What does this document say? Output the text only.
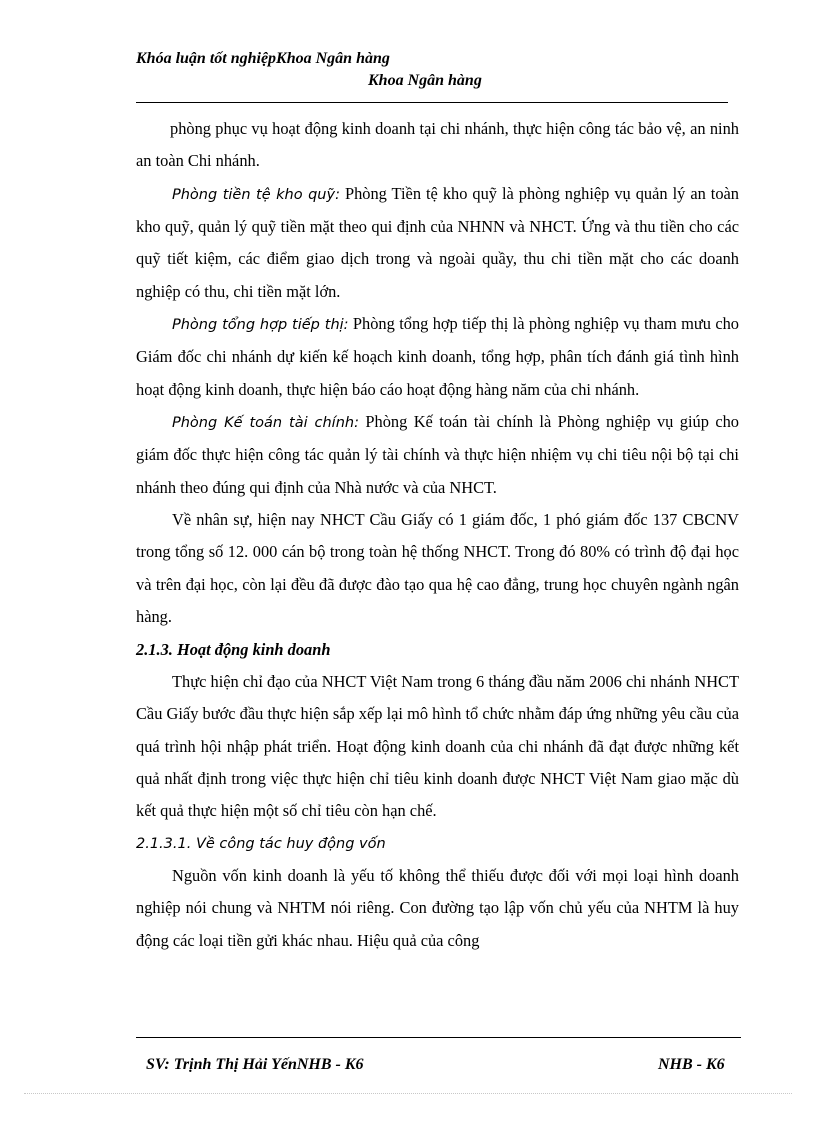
Khóa luận tốt nghiệpKhoa Ngân hàng
Khoa Ngân hàng

phòng phục vụ hoạt động kinh doanh tại chi nhánh, thực hiện công tác bảo vệ, an ninh an toàn Chi nhánh.

Phòng tiền tệ kho quỹ: Phòng Tiền tệ kho quỹ là phòng nghiệp vụ quản lý an toàn kho quỹ, quản lý quỹ tiền mặt theo qui định của NHNN và NHCT. Ứng và thu tiền cho các quỹ tiết kiệm, các điểm giao dịch trong và ngoài quầy, thu chi tiền mặt cho các doanh nghiệp có thu, chi tiền mặt lớn.

Phòng tổng hợp tiếp thị: Phòng tổng hợp tiếp thị là phòng nghiệp vụ tham mưu cho Giám đốc chi nhánh dự kiến kế hoạch kinh doanh, tổng hợp, phân tích đánh giá tình hình hoạt động kinh doanh, thực hiện báo cáo hoạt động hàng năm của chi nhánh.

Phòng Kế toán tài chính: Phòng Kế toán tài chính là Phòng nghiệp vụ giúp cho giám đốc thực hiện công tác quản lý tài chính và thực hiện nhiệm vụ chi tiêu nội bộ tại chi nhánh theo đúng qui định của Nhà nước và của NHCT.

Về nhân sự, hiện nay NHCT Cầu Giấy có 1 giám đốc, 1 phó giám đốc 137 CBCNV trong tổng số 12. 000 cán bộ trong toàn hệ thống NHCT. Trong đó 80% có trình độ đại học và trên đại học, còn lại đều đã được đào tạo qua hệ cao đẳng, trung học chuyên ngành ngân hàng.

2.1.3. Hoạt động kinh doanh

Thực hiện chỉ đạo của NHCT Việt Nam trong 6 tháng đầu năm 2006 chi nhánh NHCT Cầu Giấy bước đầu thực hiện sắp xếp lại mô hình tổ chức nhằm đáp ứng những yêu cầu của quá trình hội nhập phát triển. Hoạt động kinh doanh của chi nhánh đã đạt được những kết quả nhất định trong việc thực hiện chỉ tiêu kinh doanh được NHCT Việt Nam giao mặc dù kết quả thực hiện một số chỉ tiêu còn hạn chế.

2.1.3.1. Về công tác huy động vốn

Nguồn vốn kinh doanh là yếu tố không thể thiếu được đối với mọi loại hình doanh nghiệp nói chung và NHTM nói riêng. Con đường tạo lập vốn chủ yếu của NHTM là huy động các loại tiền gửi khác nhau. Hiệu quả của công

SV: Trịnh Thị Hải YếnNHB - K6	NHB - K6
